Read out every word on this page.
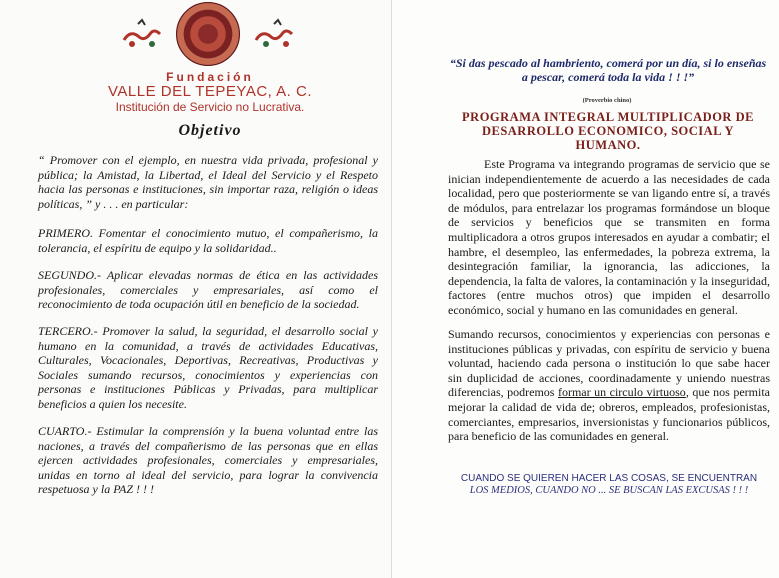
Fundación
VALLE DEL TEPEYAC, A. C.
Institución de Servicio no Lucrativa.
Objetivo

“ Promover con el ejemplo, en nuestra vida privada, profesional y pública; la Amistad, la Libertad, el Ideal del Servicio y el Respeto hacia las personas e instituciones, sin importar raza, religión o ideas políticas, ” y . . . en particular:

PRIMERO. Fomentar el conocimiento mutuo, el compañerismo, la tolerancia, el espíritu de equipo y la solidaridad..

SEGUNDO.- Aplicar elevadas normas de ética en las actividades profesionales, comerciales y empresariales, así como el reconocimiento de toda ocupación útil en beneficio de la sociedad.

TERCERO.- Promover la salud, la seguridad, el desarrollo social y humano en la comunidad, a través de actividades Educativas, Culturales, Vocacionales, Deportivas, Recreativas, Productivas y Sociales sumando recursos, conocimientos y experiencias con personas e instituciones Públicas y Privadas, para multiplicar beneficios a quien los necesite.

CUARTO.- Estimular la comprensión y la buena voluntad entre las naciones, a través del compañerismo de las personas que en ellas ejercen actividades profesionales, comerciales y empresariales, unidas en torno al ideal del servicio, para lograr la convivencia respetuosa y la PAZ ! ! !

“Si das pescado al hambriento, comerá por un día, si lo enseñas a pescar, comerá toda la vida ! ! !”
(Proverbio chino)
PROGRAMA INTEGRAL MULTIPLICADOR DE DESARROLLO ECONOMICO, SOCIAL Y HUMANO.

Este Programa va integrando programas de servicio que se inician independientemente de acuerdo a las necesidades de cada localidad, pero que posteriormente se van ligando entre sí, a través de módulos, para entrelazar los programas formándose un bloque de servicios y beneficios que se transmiten en forma multiplicadora a otros grupos interesados en ayudar a combatir; el hambre, el desempleo, las enfermedades, la pobreza extrema, la desintegración familiar, la ignorancia, las adicciones, la dependencia, la falta de valores, la contaminación y la inseguridad, factores (entre muchos otros) que impiden el desarrollo económico, social y humano en las comunidades en general.

Sumando recursos, conocimientos y experiencias con personas e instituciones públicas y privadas, con espíritu de servicio y buena voluntad, haciendo cada persona o institución lo que sabe hacer sin duplicidad de acciones, coordinadamente y uniendo nuestras diferencias, podremos formar un circulo virtuoso, que nos permita mejorar la calidad de vida de; obreros, empleados, profesionistas, comerciantes, empresarios, inversionistas y funcionarios públicos, para beneficio de las comunidades en general.

CUANDO SE QUIEREN HACER LAS COSAS, SE ENCUENTRAN
LOS MEDIOS, CUANDO NO ... SE BUSCAN LAS EXCUSAS ! ! !
